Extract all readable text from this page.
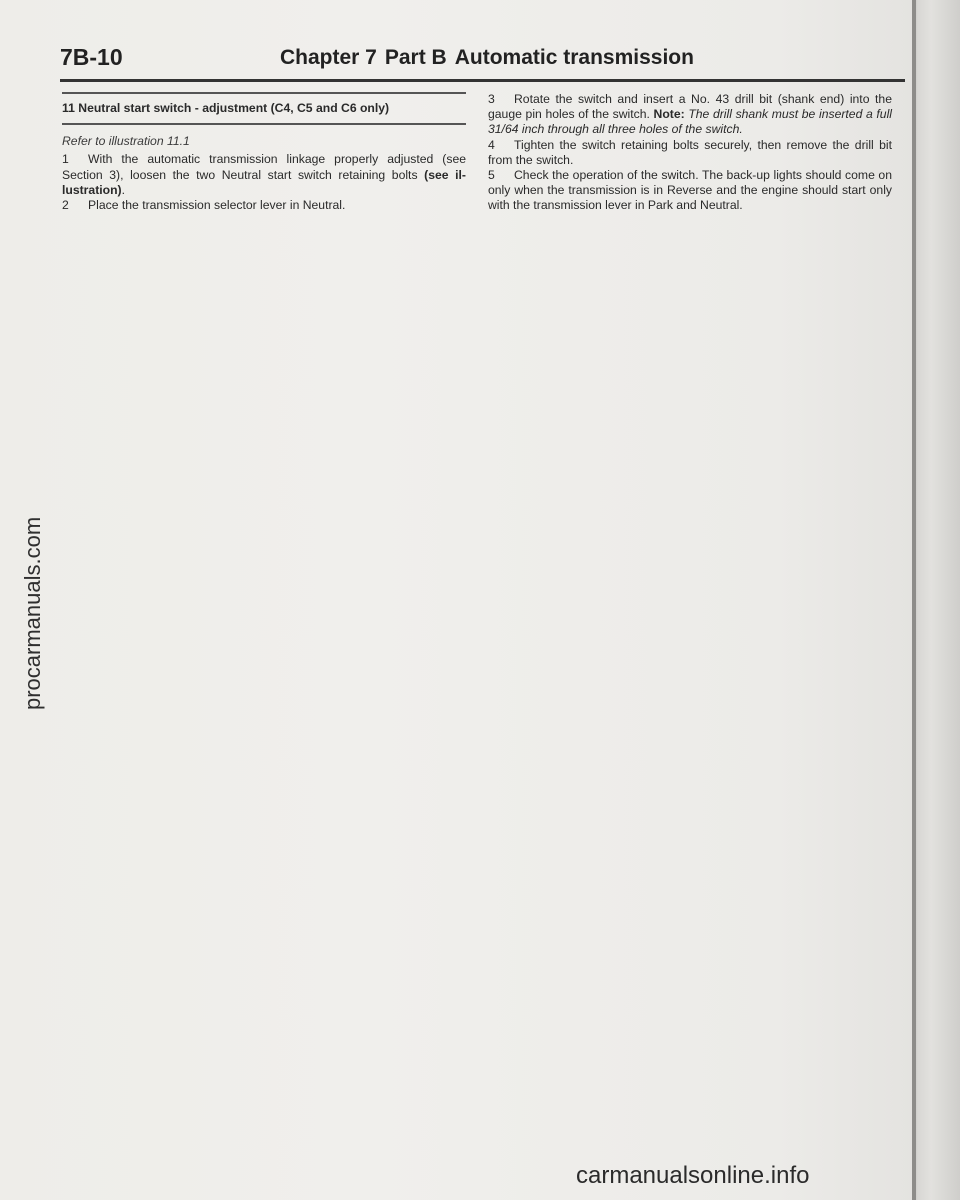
7B-10	Chapter 7 Part B Automatic transmission
11 Neutral start switch - adjustment (C4, C5 and C6 only)

Refer to illustration 11.1

1 With the automatic transmission linkage properly adjusted (see Section 3), loosen the two Neutral start switch retaining bolts (see il-lustration).

2 Place the transmission selector lever in Neutral.

3 Rotate the switch and insert a No. 43 drill bit (shank end) into the gauge pin holes of the switch. Note: The drill shank must be inserted a full 31/64 inch through all three holes of the switch.

4 Tighten the switch retaining bolts securely, then remove the drill bit from the switch.

5 Check the operation of the switch. The back-up lights should come on only when the transmission is in Reverse and the engine should start only with the transmission lever in Park and Neutral.

procarmanuals.com
carmanualsonline.info
